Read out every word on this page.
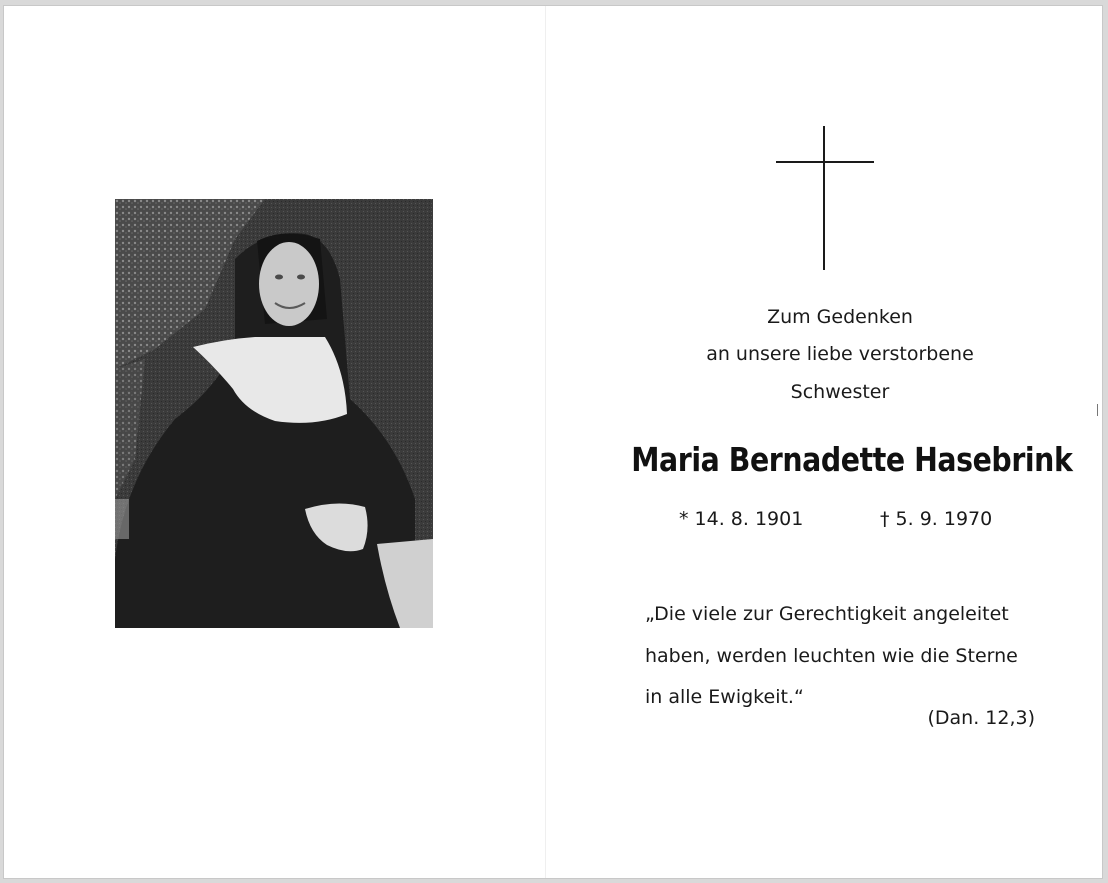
Zum Gedenken
an unsere liebe verstorbene
Schwester
Maria Bernadette Hasebrink
* 14. 8. 1901	† 5. 9. 1970
„Die viele zur Gerechtigkeit angeleitet
haben, werden leuchten wie die Sterne
in alle Ewigkeit.“
(Dan. 12,3)
